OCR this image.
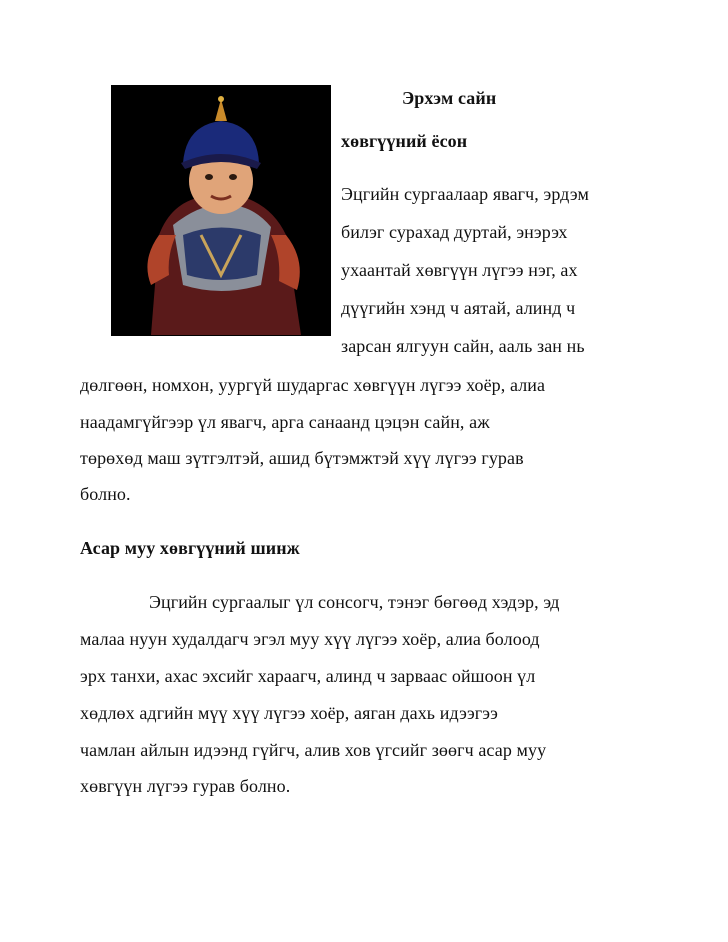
Эрхэм сайн
хөвгүүний ёсон
Эцгийн сургаалаар явагч, эрдэм
билэг сурахад дуртай, энэрэх
ухаантай хөвгүүн лүгээ нэг, ах
дүүгийн хэнд ч аятай, алинд ч
зарсан ялгуун сайн, ааль зан нь
дөлгөөн, номхон, уургүй шударгас хөвгүүн лүгээ хоёр, алиа
наадамгүйгээр үл явагч, арга санаанд цэцэн сайн, аж
төрөхөд маш зүтгэлтэй, ашид бүтэмжтэй хүү лүгээ гурав
болно.
Асар муу хөвгүүний шинж
Эцгийн сургаалыг үл сонсогч, тэнэг бөгөөд хэдэр, эд
малаа нуун худалдагч эгэл муу хүү лүгээ хоёр, алиа болоод
эрх танхи, ахас эхсийг хараагч, алинд ч зарваас ойшоон үл
хөдлөх адгийн мүү хүү лүгээ хоёр, аяган дахь идээгээ
чамлан айлын идээнд гүйгч, алив хов үгсийг зөөгч асар муу
хөвгүүн лүгээ гурав болно.
